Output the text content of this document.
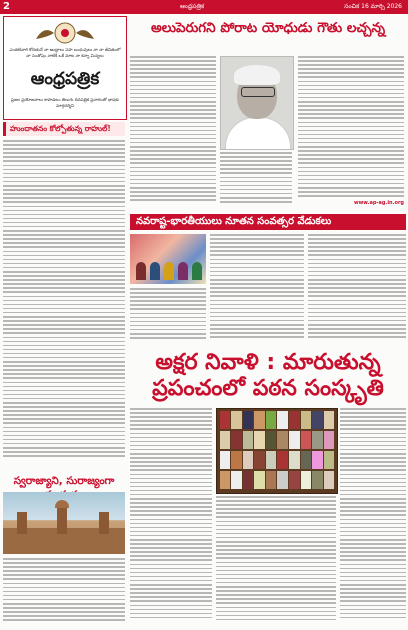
2	ఆంధ్రపత్రిక	సంచిక 16 మార్చి 2026
ఎంతటివారి కోరుకునే నా ఆంధ్రాలు సహ బంధువులు నా నా జీవితంలో నా సంతోషం నాటికీ ఒకే మాట నా కన్నా మిన్నలు
ఆంధ్రపత్రిక
ప్రజల ప్రయోజనాలు కాపాడటం తెలుగు దినపత్రిక ప్రచారంతో భాషకు మార్గదర్శిని
హుందాతనం కోల్పోతున్న రాహుల్!
స్వరాజ్యాని, సురాజ్యంగా
అలుపెరుగని పోరాట యోధుడు గౌతు లచ్చన్న
www.ap-ag.in.org
నవరాష్ట-భారతీయులు నూతన సంవత్సర వేడుకలు
అక్షర నివాళి : మారుతున్న
ప్రపంచంలో పఠన సంస్కృతి
